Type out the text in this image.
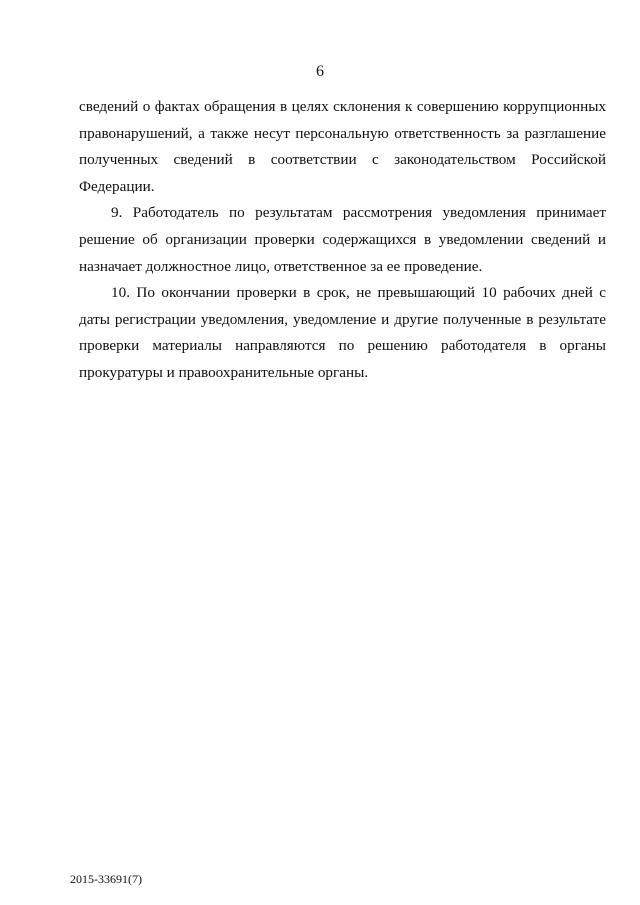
6

сведений о фактах обращения в целях склонения к совершению коррупционных правонарушений, а также несут персональную ответственность за разглашение полученных сведений в соответствии с законодательством Российской Федерации.

9. Работодатель по результатам рассмотрения уведомления принимает решение об организации проверки содержащихся в уведомлении сведений и назначает должностное лицо, ответственное за ее проведение.

10. По окончании проверки в срок, не превышающий 10 рабочих дней с даты регистрации уведомления, уведомление и другие полученные в результате проверки материалы направляются по решению работодателя в органы прокуратуры и правоохранительные органы.

2015-33691(7)
